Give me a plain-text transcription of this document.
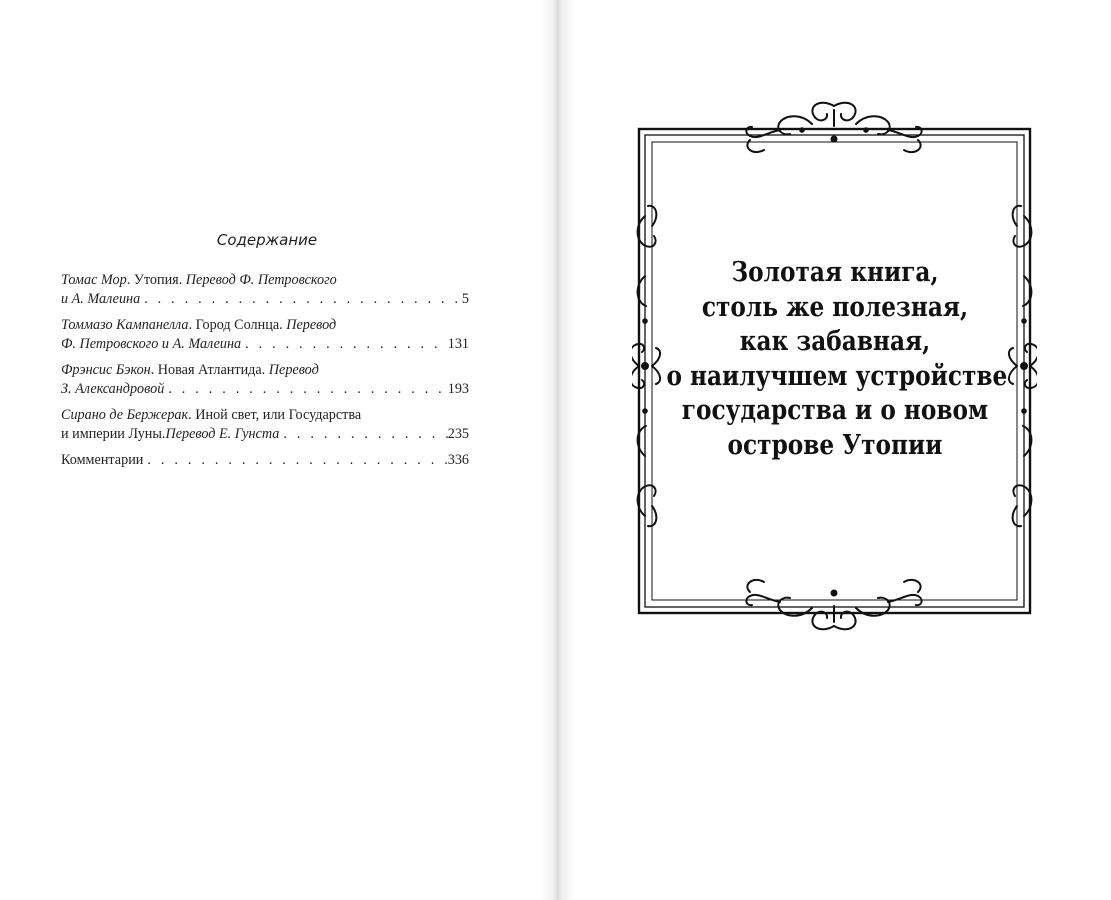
Содержание
Томас Мор. Утопия. Перевод Ф. Петровского
и А. Малеина . . .	5
Томмазо Кампанелла. Город Солнца. Перевод
Ф. Петровского и А. Малеина . . .	131
Фрэнсис Бэкон. Новая Атлантида. Перевод
З. Александровой . . .	193
Сирано де Бержерак. Иной свет, или Государства
и империи Луны. Перевод Е. Гунста . . .	235
Комментарии . . .	336
Золотая книга,
столь же полезная,
как забавная,
о наилучшем устройстве
государства и о новом
острове Утопии
